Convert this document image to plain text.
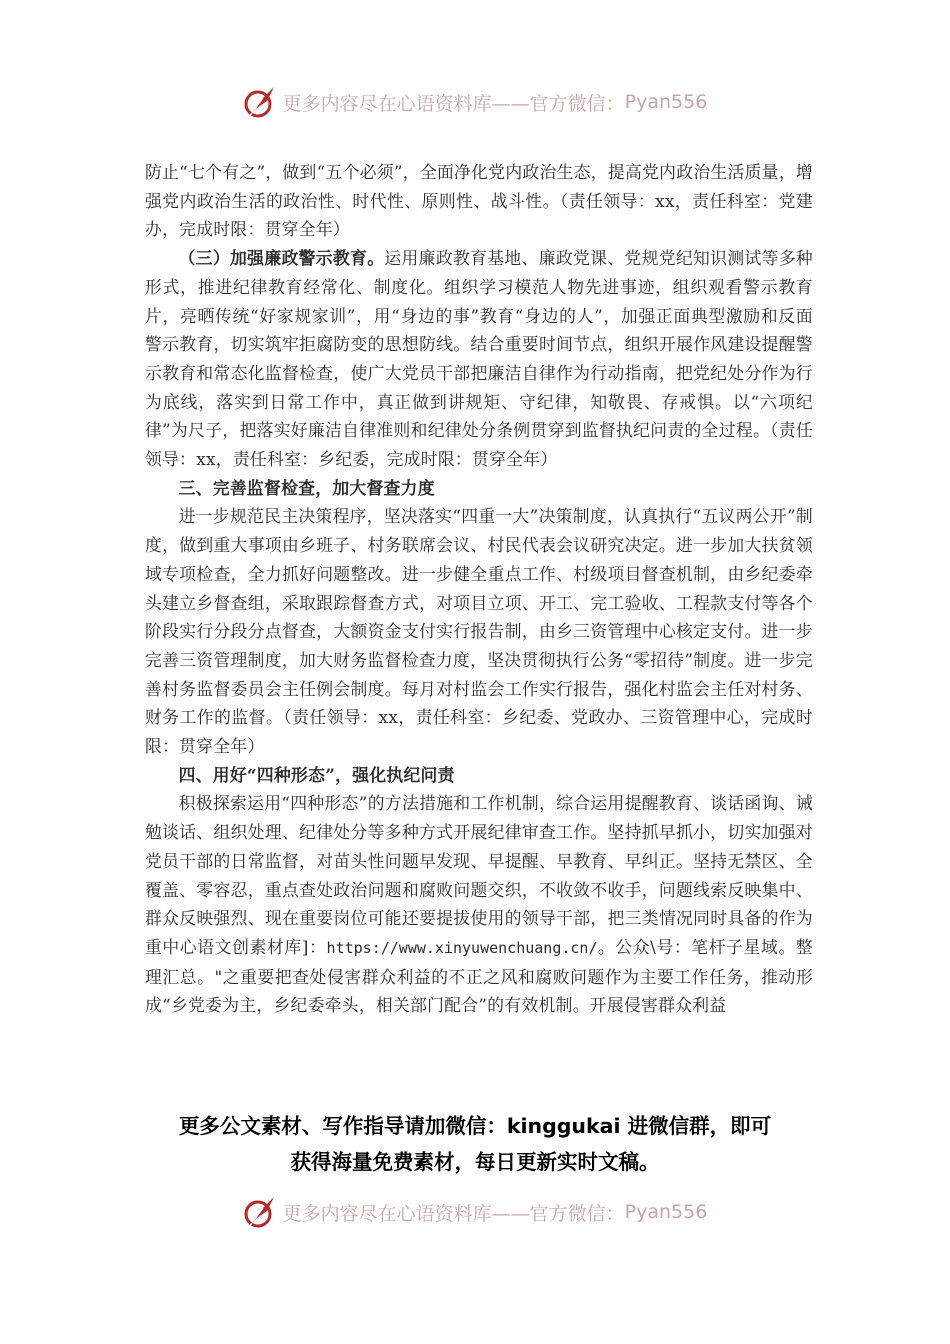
更多内容尽在心语资料库——官方微信： Pyan556

防止“七个有之”，做到“五个必须”，全面净化党内政治生态，提高党内政治生活质量，增强党内政治生活的政治性、时代性、原则性、战斗性。（责任领导：xx，责任科室：党建办，完成时限：贯穿全年）

（三）加强廉政警示教育。运用廉政教育基地、廉政党课、党规党纪知识测试等多种形式，推进纪律教育经常化、制度化。组织学习模范人物先进事迹，组织观看警示教育片，亮晒传统“好家规家训”，用“身边的事”教育“身边的人”，加强正面典型激励和反面警示教育，切实筑牢拒腐防变的思想防线。结合重要时间节点，组织开展作风建设提醒警示教育和常态化监督检查，使广大党员干部把廉洁自律作为行动指南，把党纪处分作为行为底线，落实到日常工作中，真正做到讲规矩、守纪律，知敬畏、存戒惧。以“六项纪律”为尺子，把落实好廉洁自律准则和纪律处分条例贯穿到监督执纪问责的全过程。（责任领导：xx，责任科室：乡纪委，完成时限：贯穿全年）

三、完善监督检查，加大督查力度

进一步规范民主决策程序，坚决落实“四重一大”决策制度，认真执行“五议两公开”制度，做到重大事项由乡班子、村务联席会议、村民代表会议研究决定。进一步加大扶贫领域专项检查，全力抓好问题整改。进一步健全重点工作、村级项目督查机制，由乡纪委牵头建立乡督查组，采取跟踪督查方式，对项目立项、开工、完工验收、工程款支付等各个阶段实行分段分点督查，大额资金支付实行报告制，由乡三资管理中心核定支付。进一步完善三资管理制度，加大财务监督检查力度，坚决贯彻执行公务“零招待”制度。进一步完善村务监督委员会主任例会制度。每月对村监会工作实行报告，强化村监会主任对村务、财务工作的监督。（责任领导：xx，责任科室：乡纪委、党政办、三资管理中心，完成时限：贯穿全年）

四、用好“四种形态”，强化执纪问责

积极探索运用“四种形态”的方法措施和工作机制，综合运用提醒教育、谈话函询、诫勉谈话、组织处理、纪律处分等多种方式开展纪律审查工作。坚持抓早抓小，切实加强对党员干部的日常监督，对苗头性问题早发现、早提醒、早教育、早纠正。坚持无禁区、全覆盖、零容忍，重点查处政治问题和腐败问题交织，不收敛不收手，问题线索反映集中、群众反映强烈、现在重要岗位可能还要提拔使用的领导干部，把三类情况同时具备的作为重中心语文创素材库]：https://www.xinyuwenchuang.cn/。公众\号：笔杆子星域。整理汇总。"之重要把查处侵害群众利益的不正之风和腐败问题作为主要工作任务，推动形成“乡党委为主，乡纪委牵头，相关部门配合”的有效机制。开展侵害群众利益

更多公文素材、写作指导请加微信：kinggukai 进微信群，即可
获得海量免费素材，每日更新实时文稿。
更多内容尽在心语资料库——官方微信： Pyan556
